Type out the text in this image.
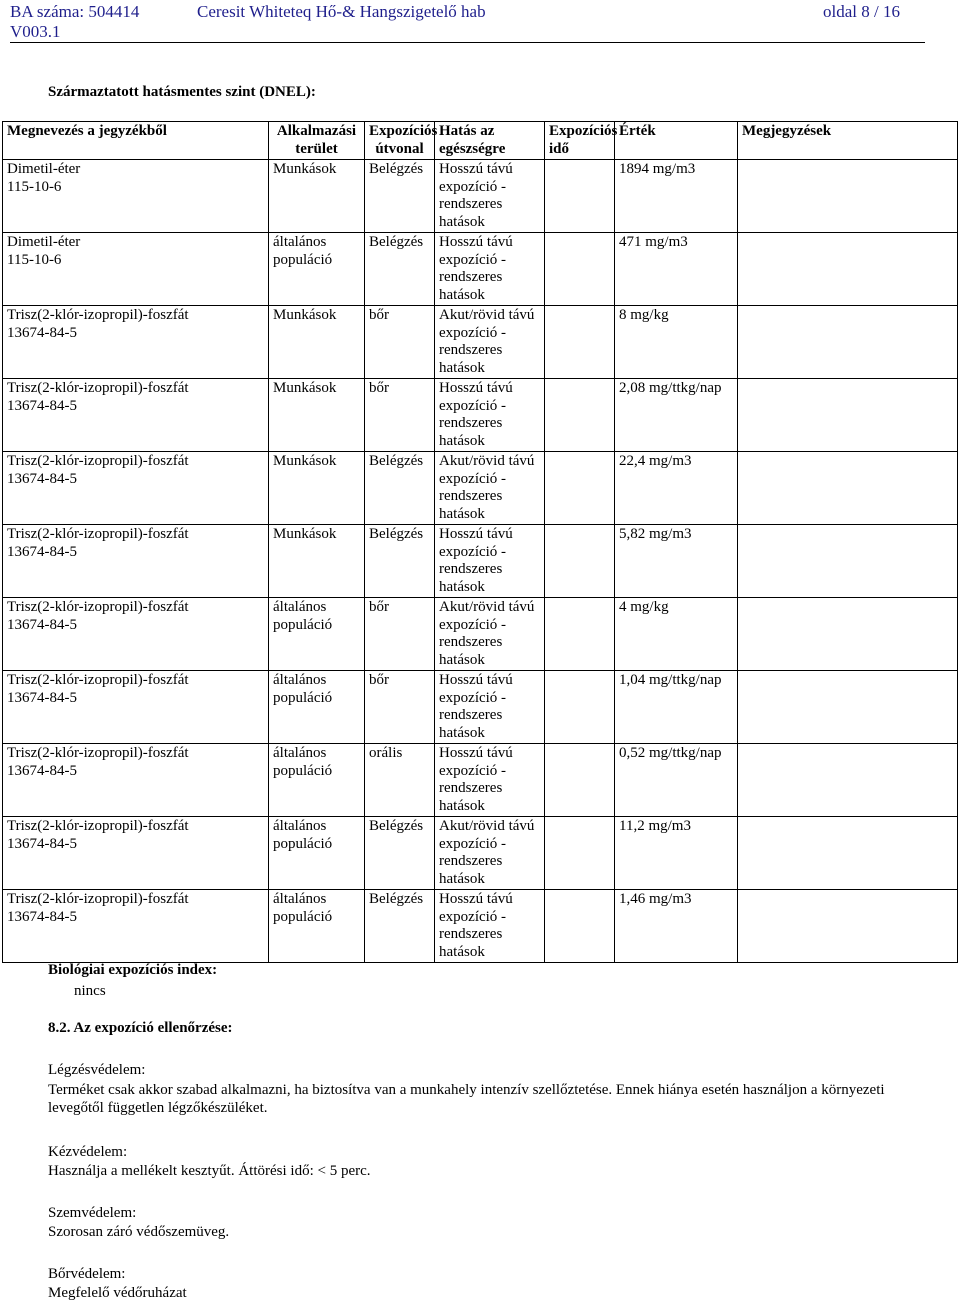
BA száma: 504414
V003.1
Ceresit Whiteteq Hő-& Hangszigetelő hab	oldal 8 / 16
Származtatott hatásmentes szint (DNEL):
Megnevezés a jegyzékből	Alkalmazási terület	Expozíciós útvonal	Hatás az egészségre	Expozíciós idő	Érték	Megjegyzések

Dimetil-éter
115-10-6	Munkások	Belégzés	Hosszú távú expozíció - rendszeres hatások		1894 mg/m3	

Dimetil-éter
115-10-6	általános populáció	Belégzés	Hosszú távú expozíció - rendszeres hatások		471 mg/m3	

Trisz(2-klór-izopropil)-foszfát
13674-84-5	Munkások	bőr	Akut/rövid távú expozíció - rendszeres hatások		8 mg/kg	

Trisz(2-klór-izopropil)-foszfát
13674-84-5	Munkások	bőr	Hosszú távú expozíció - rendszeres hatások		2,08 mg/ttkg/nap	

Trisz(2-klór-izopropil)-foszfát
13674-84-5	Munkások	Belégzés	Akut/rövid távú expozíció - rendszeres hatások		22,4 mg/m3	

Trisz(2-klór-izopropil)-foszfát
13674-84-5	Munkások	Belégzés	Hosszú távú expozíció - rendszeres hatások		5,82 mg/m3	

Trisz(2-klór-izopropil)-foszfát
13674-84-5	általános populáció	bőr	Akut/rövid távú expozíció - rendszeres hatások		4 mg/kg	

Trisz(2-klór-izopropil)-foszfát
13674-84-5	általános populáció	bőr	Hosszú távú expozíció - rendszeres hatások		1,04 mg/ttkg/nap	

Trisz(2-klór-izopropil)-foszfát
13674-84-5	általános populáció	orális	Hosszú távú expozíció - rendszeres hatások		0,52 mg/ttkg/nap	

Trisz(2-klór-izopropil)-foszfát
13674-84-5	általános populáció	Belégzés	Akut/rövid távú expozíció - rendszeres hatások		11,2 mg/m3	

Trisz(2-klór-izopropil)-foszfát
13674-84-5	általános populáció	Belégzés	Hosszú távú expozíció - rendszeres hatások		1,46 mg/m3	

Biológiai expozíciós index:
nincs
8.2. Az expozíció ellenőrzése:
Légzésvédelem:
Terméket csak akkor szabad alkalmazni, ha biztosítva van a munkahely intenzív szellőztetése. Ennek hiánya esetén használjon a környezeti levegőtől független légzőkészüléket.
Kézvédelem:
Használja a mellékelt kesztyűt. Áttörési idő: < 5 perc.
Szemvédelem:
Szorosan záró védőszemüveg.
Bőrvédelem:
Megfelelő védőruházat
